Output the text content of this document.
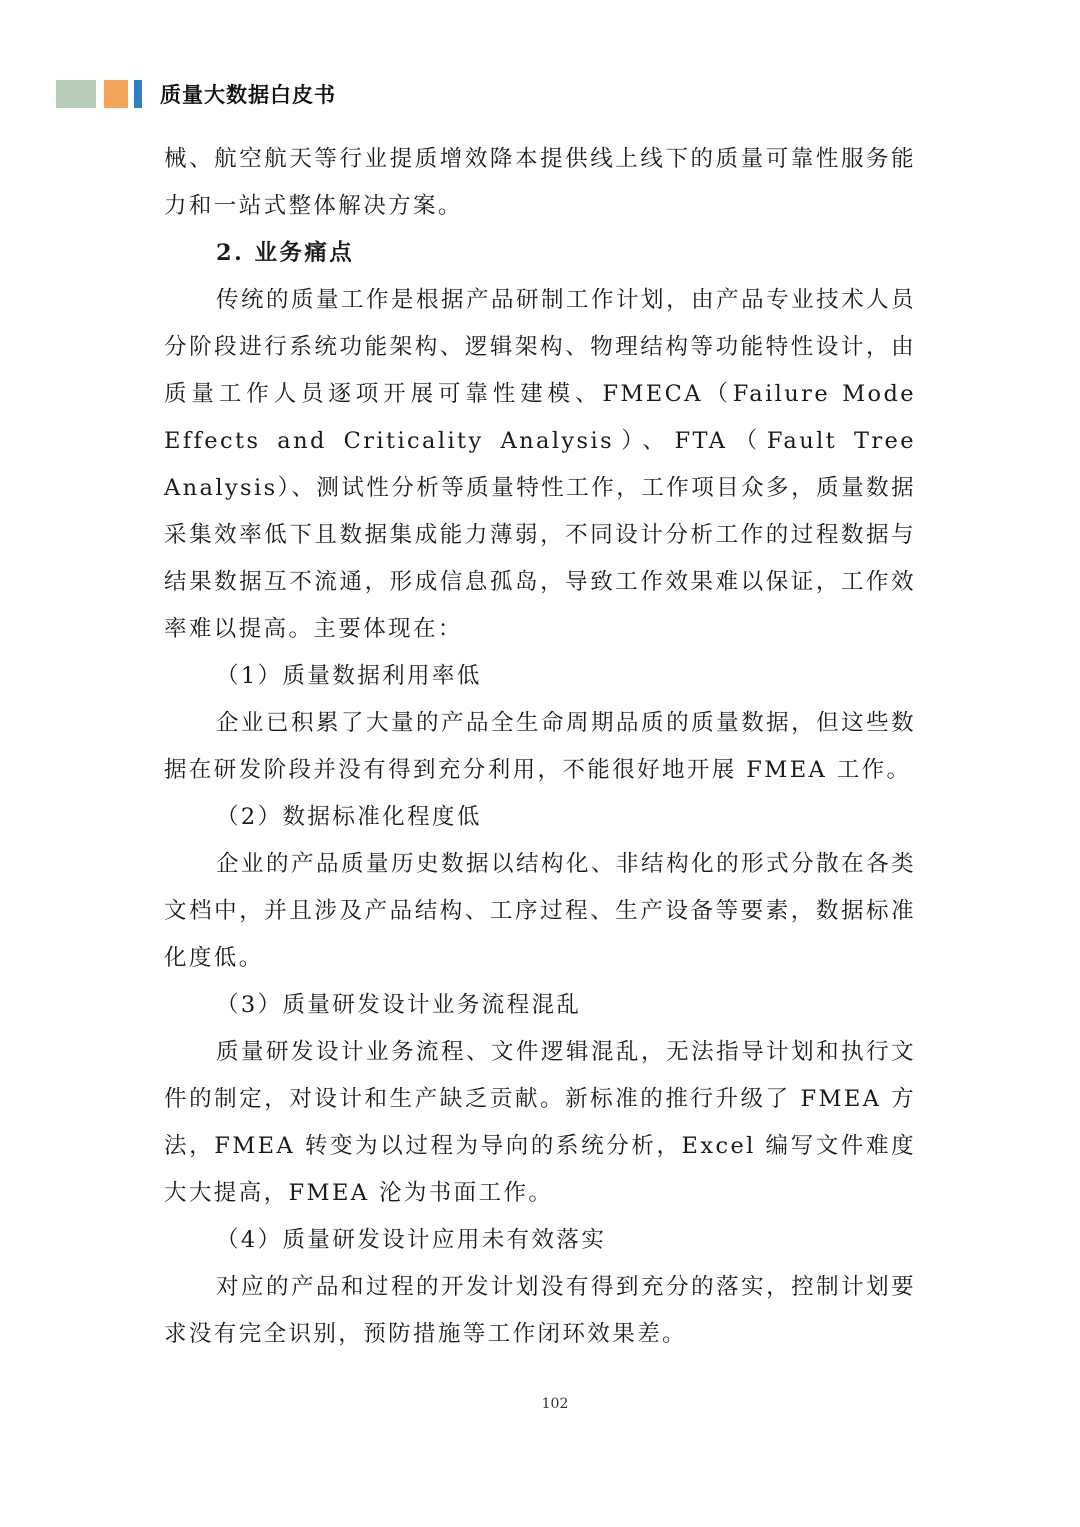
质量大数据白皮书

械、航空航天等行业提质增效降本提供线上线下的质量可靠性服务能力和一站式整体解决方案。

2. 业务痛点

传统的质量工作是根据产品研制工作计划，由产品专业技术人员分阶段进行系统功能架构、逻辑架构、物理结构等功能特性设计，由质量工作人员逐项开展可靠性建模、FMECA（Failure Mode Effects and Criticality Analysis）、FTA（Fault Tree Analysis）、测试性分析等质量特性工作，工作项目众多，质量数据采集效率低下且数据集成能力薄弱，不同设计分析工作的过程数据与结果数据互不流通，形成信息孤岛，导致工作效果难以保证，工作效率难以提高。主要体现在：

（1）质量数据利用率低

企业已积累了大量的产品全生命周期品质的质量数据，但这些数据在研发阶段并没有得到充分利用，不能很好地开展 FMEA 工作。

（2）数据标准化程度低

企业的产品质量历史数据以结构化、非结构化的形式分散在各类文档中，并且涉及产品结构、工序过程、生产设备等要素，数据标准化度低。

（3）质量研发设计业务流程混乱

质量研发设计业务流程、文件逻辑混乱，无法指导计划和执行文件的制定，对设计和生产缺乏贡献。新标准的推行升级了 FMEA 方法，FMEA 转变为以过程为导向的系统分析，Excel 编写文件难度大大提高，FMEA 沦为书面工作。

（4）质量研发设计应用未有效落实

对应的产品和过程的开发计划没有得到充分的落实，控制计划要求没有完全识别，预防措施等工作闭环效果差。

102
